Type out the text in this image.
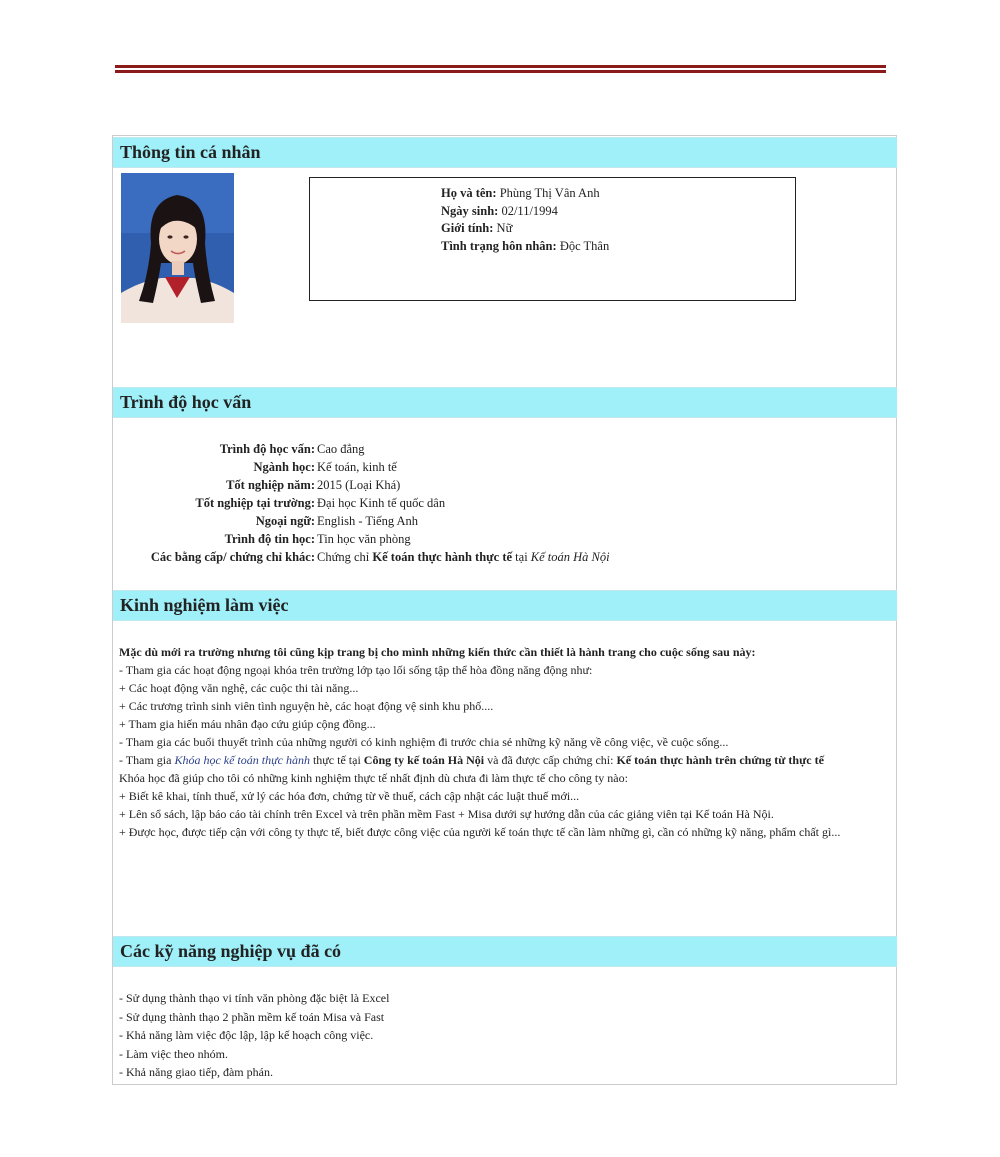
Thông tin cá nhân
Họ và tên: Phùng Thị Vân Anh
Ngày sinh: 02/11/1994
Giới tính: Nữ
Tình trạng hôn nhân: Độc Thân
Trình độ học vấn
Trình độ học vấn: Cao đẳng
Ngành học: Kế toán, kinh tế
Tốt nghiệp năm: 2015 (Loại Khá)
Tốt nghiệp tại trường: Đại học Kinh tế quốc dân
Ngoại ngữ: English - Tiếng Anh
Trình độ tin học: Tin học văn phòng
Các bằng cấp/ chứng chỉ khác: Chứng chỉ Kế toán thực hành thực tế tại Kế toán Hà Nội
Kinh nghiệm làm việc

Mặc dù mới ra trường nhưng tôi cũng kịp trang bị cho mình những kiến thức cần thiết là hành trang cho cuộc sống sau này:

- Tham gia các hoạt động ngoại khóa trên trường lớp tạo lối sống tập thể hòa đồng năng động như:

+ Các hoạt động văn nghệ, các cuộc thi tài năng...

+ Các trương trình sinh viên tình nguyện hè, các hoạt động vệ sinh khu phố....

+ Tham gia hiến máu nhân đạo cứu giúp cộng đồng...

- Tham gia các buổi thuyết trình của những người có kinh nghiệm đi trước chia sẻ những kỹ năng về công việc, về cuộc sống...

- Tham gia Khóa học kế toán thực hành thực tế tại Công ty kế toán Hà Nội và đã được cấp chứng chỉ: Kế toán thực hành trên chứng từ thực tế

Khóa học đã giúp cho tôi có những kinh nghiệm thực tế nhất định dù chưa đi làm thực tế cho công ty nào:

+ Biết kê khai, tính thuế, xử lý các hóa đơn, chứng từ về thuế, cách cập nhật các luật thuế mới...

+ Lên sổ sách, lập báo cáo tài chính trên Excel và trên phần mềm Fast + Misa dưới sự hướng dẫn của các giảng viên tại Kế toán Hà Nội.

+ Được học, được tiếp cận với công ty thực tế, biết được công việc của người kế toán thực tế cần làm những gì, cần có những kỹ năng, phẩm chất gì...

Các kỹ năng nghiệp vụ đã có

- Sử dụng thành thạo vi tính văn phòng đặc biệt là Excel

- Sử dụng thành thạo 2 phần mềm kế toán Misa và Fast

- Khả năng làm việc độc lập, lập kế hoạch công việc.

- Làm việc theo nhóm.

- Khả năng giao tiếp, đàm phán.
